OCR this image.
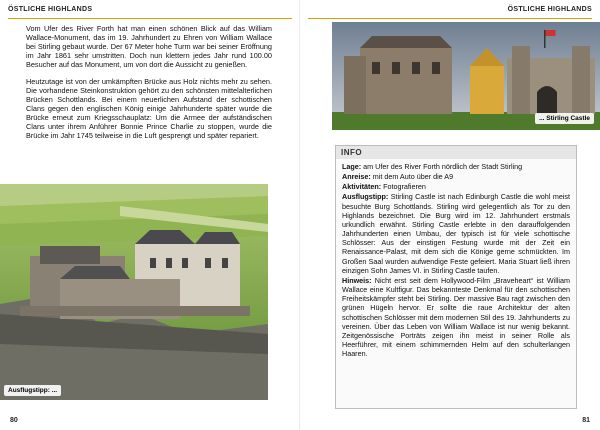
ÖSTLICHE HIGHLANDS

Vom Ufer des River Forth hat man einen schönen Blick auf das William Wallace-Monument, das im 19. Jahrhundert zu Ehren von William Wallace bei Stirling gebaut wurde. Der 67 Meter hohe Turm war bei seiner Eröffnung im Jahr 1861 sehr umstritten. Doch nun klettern jedes Jahr rund 100.00 Besucher auf das Monument, um von dort die Aussicht zu genießen.

Heutzutage ist von der umkämpften Brücke aus Holz nichts mehr zu sehen. Die vorhandene Steinkonstruktion gehört zu den schönsten mittelalterlichen Brücken Schottlands. Bei einem neuerlichen Aufstand der schottischen Clans gegen den englischen König einige Jahrhunderte später wurde die Brücke erneut zum Kriegsschauplatz: Um die Armee der aufständischen Clans unter ihrem Anführer Bonnie Prince Charlie zu stoppen, wurde die Brücke im Jahr 1745 teilweise in die Luft gesprengt und später repariert.

Ausflugstipp: ...
80
ÖSTLICHE HIGHLANDS
... Stirling Castle
INFO

Lage: am Ufer des River Forth nördlich der Stadt Stirling

Anreise: mit dem Auto über die A9

Aktivitäten: Fotografieren

Ausflugstipp: Stirling Castle ist nach Edinburgh Castle die wohl meist besuchte Burg Schottlands. Stirling wird gelegentlich als Tor zu den Highlands bezeichnet. Die Burg wird im 12. Jahrhundert erstmals urkundlich erwähnt. Stirling Castle erlebte in den darauffolgenden Jahrhunderten einen Umbau, der typisch ist für viele schottische Schlösser: Aus der einstigen Festung wurde mit der Zeit ein Renaissance-Palast, mit dem sich die Könige gerne schmückten. Im Großen Saal wurden aufwendige Feste gefeiert. Maria Stuart ließ ihren einzigen Sohn James VI. in Stirling Castle taufen.

Hinweis: Nicht erst seit dem Hollywood-Film „Braveheart“ ist William Wallace eine Kultfigur. Das bekannteste Denkmal für den schottischen Freiheitskämpfer steht bei Stirling. Der massive Bau ragt zwischen den grünen Hügeln hervor. Er sollte die raue Architektur der alten schottischen Schlösser mit dem modernen Stil des 19. Jahrhunderts zu vereinen. Über das Leben von William Wallace ist nur wenig bekannt. Zeitgenössische Porträts zeigen ihn meist in seiner Rolle als Heerführer, mit einem schimmernden Helm auf den schulterlangen Haaren.

81
